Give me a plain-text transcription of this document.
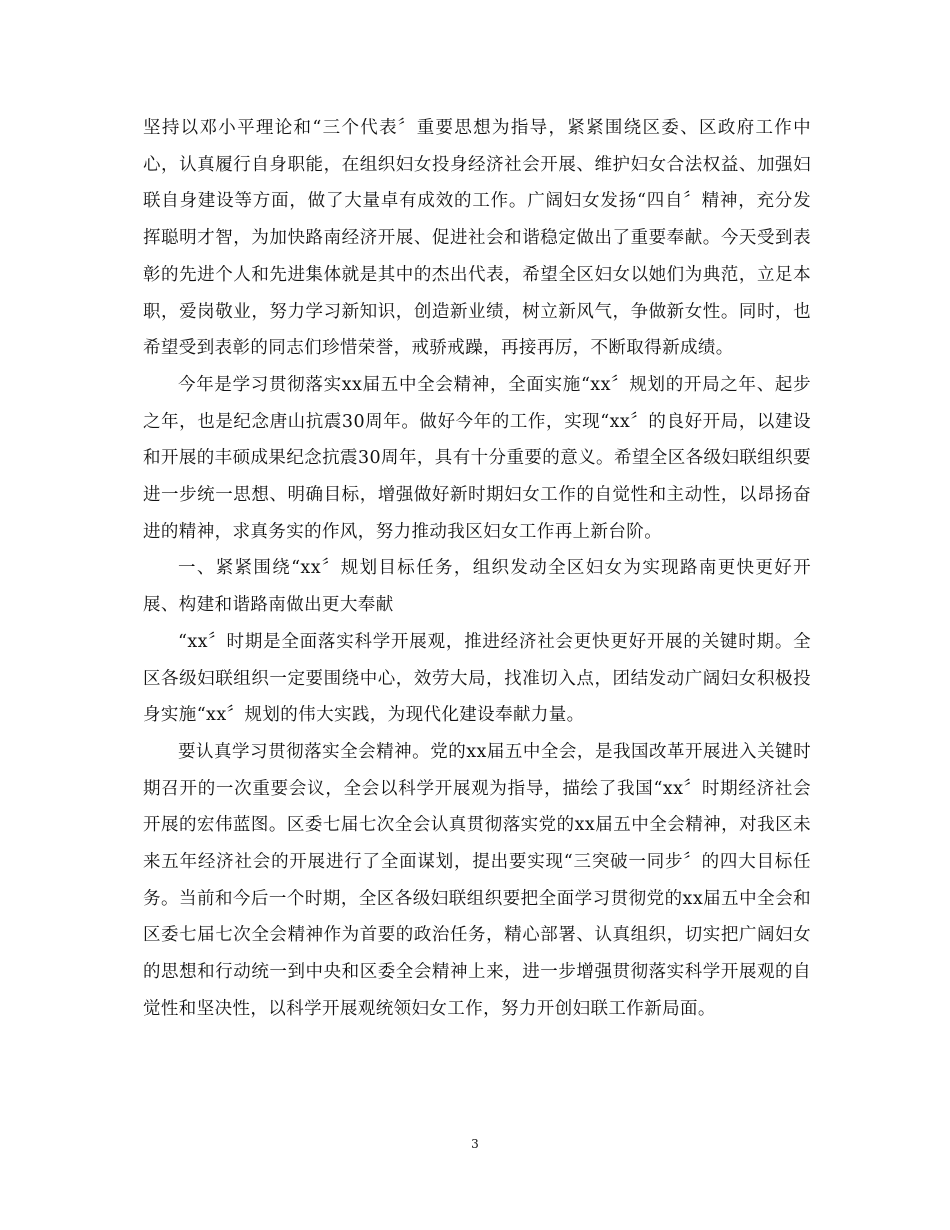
坚持以邓小平理论和“三个代表〞重要思想为指导，紧紧围绕区委、区政府工作中心，认真履行自身职能，在组织妇女投身经济社会开展、维护妇女合法权益、加强妇联自身建设等方面，做了大量卓有成效的工作。广阔妇女发扬“四自〞精神，充分发挥聪明才智，为加快路南经济开展、促进社会和谐稳定做出了重要奉献。今天受到表彰的先进个人和先进集体就是其中的杰出代表，希望全区妇女以她们为典范，立足本职，爱岗敬业，努力学习新知识，创造新业绩，树立新风气，争做新女性。同时，也希望受到表彰的同志们珍惜荣誉，戒骄戒躁，再接再厉，不断取得新成绩。

今年是学习贯彻落实xx届五中全会精神，全面实施“xx〞规划的开局之年、起步之年，也是纪念唐山抗震30周年。做好今年的工作，实现“xx〞的良好开局，以建设和开展的丰硕成果纪念抗震30周年，具有十分重要的意义。希望全区各级妇联组织要进一步统一思想、明确目标，增强做好新时期妇女工作的自觉性和主动性，以昂扬奋进的精神，求真务实的作风，努力推动我区妇女工作再上新台阶。

一、紧紧围绕“xx〞规划目标任务，组织发动全区妇女为实现路南更快更好开展、构建和谐路南做出更大奉献

“xx〞时期是全面落实科学开展观，推进经济社会更快更好开展的关键时期。全区各级妇联组织一定要围绕中心，效劳大局，找准切入点，团结发动广阔妇女积极投身实施“xx〞规划的伟大实践，为现代化建设奉献力量。

要认真学习贯彻落实全会精神。党的xx届五中全会，是我国改革开展进入关键时期召开的一次重要会议，全会以科学开展观为指导，描绘了我国“xx〞时期经济社会开展的宏伟蓝图。区委七届七次全会认真贯彻落实党的xx届五中全会精神，对我区未来五年经济社会的开展进行了全面谋划，提出要实现“三突破一同步〞的四大目标任务。当前和今后一个时期，全区各级妇联组织要把全面学习贯彻党的xx届五中全会和区委七届七次全会精神作为首要的政治任务，精心部署、认真组织，切实把广阔妇女的思想和行动统一到中央和区委全会精神上来，进一步增强贯彻落实科学开展观的自觉性和坚决性，以科学开展观统领妇女工作，努力开创妇联工作新局面。

3
